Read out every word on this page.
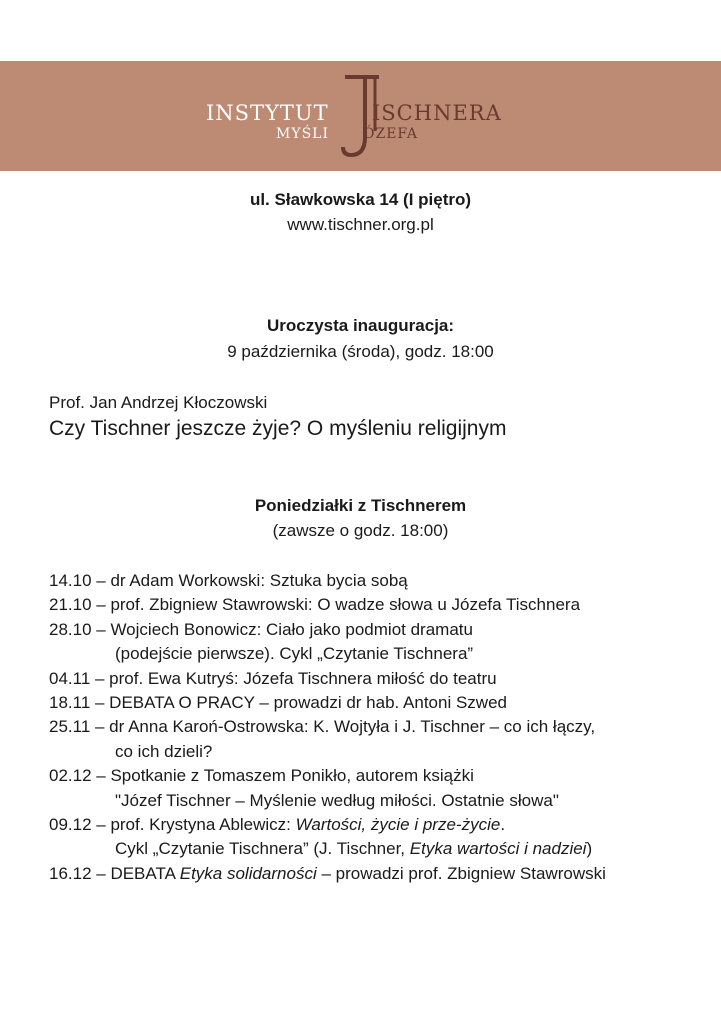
INSTYTUT
MYŚLI
ISCHNERA
ÓZEFA
ul. Sławkowska 14 (I piętro)
www.tischner.org.pl
Uroczysta inauguracja:
9 października (środa), godz. 18:00
Prof. Jan Andrzej Kłoczowski
Czy Tischner jeszcze żyje? O myśleniu religijnym
Poniedziałki z Tischnerem
(zawsze o godz. 18:00)
14.10 – dr Adam Workowski: Sztuka bycia sobą
21.10 – prof. Zbigniew Stawrowski: O wadze słowa u Józefa Tischnera
28.10 – Wojciech Bonowicz: Ciało jako podmiot dramatu
(podejście pierwsze). Cykl „Czytanie Tischnera”
04.11 – prof. Ewa Kutryś: Józefa Tischnera miłość do teatru
18.11 – DEBATA O PRACY – prowadzi dr hab. Antoni Szwed
25.11 – dr Anna Karoń-Ostrowska: K. Wojtyła i J. Tischner – co ich łączy,
co ich dzieli?
02.12 – Spotkanie z Tomaszem Ponikło, autorem książki
"Józef Tischner – Myślenie według miłości. Ostatnie słowa"
09.12 – prof. Krystyna Ablewicz: Wartości, życie i prze-życie.
Cykl „Czytanie Tischnera” (J. Tischner, Etyka wartości i nadziei)
16.12 – DEBATA Etyka solidarności – prowadzi prof. Zbigniew Stawrowski
